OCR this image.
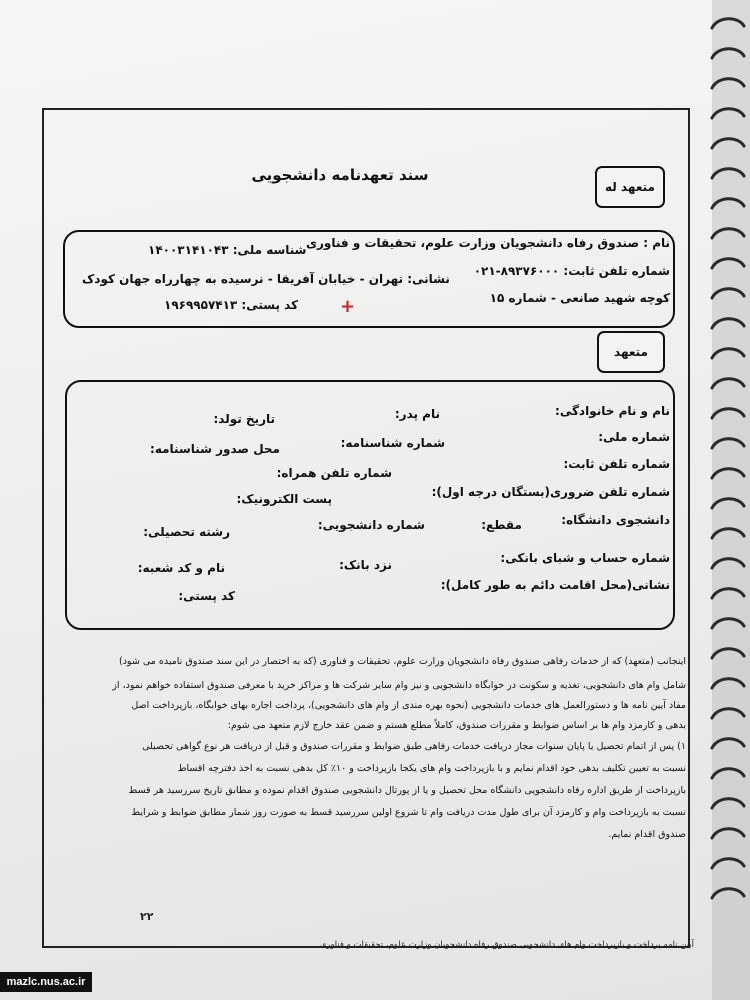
سند تعهدنامه دانشجویی
متعهد له
نام : صندوق رفاه دانشجویان وزارت علوم، تحقیقات و فناوری
شناسه ملی: ۱۴۰۰۳۱۴۱۰۴۳
شماره تلفن ثابت: ۸۹۳۷۶۰۰۰-۰۲۱
نشانی: تهران - خیابان آفریقا - نرسیده به چهارراه جهان کودک
کوچه شهید صانعی - شماره ۱۵
کد پستی: ۱۹۶۹۹۵۷۴۱۳ +
متعهد
نام و نام خانوادگی:
نام پدر:
تاریخ تولد:
شماره ملی:
شماره شناسنامه:
محل صدور شناسنامه:
شماره تلفن ثابت:
شماره تلفن همراه:
شماره تلفن ضروری(بستگان درجه اول):
پست الکترونیک:
دانشجوی دانشگاه:
مقطع:
شماره دانشجویی:
رشته تحصیلی:
شماره حساب و شبای بانکی:
نزد بانک:
نام و کد شعبه:
نشانی(محل اقامت دائم به طور کامل):
کد پستی:
اینجانب (متعهد) که از خدمات رفاهی صندوق رفاه دانشجویان وزارت علوم، تحقیقات و فناوری (که به اختصار در این سند صندوق نامیده می شود)
شامل وام های دانشجویی، تغذیه و سکونت در خوابگاه دانشجویی و نیز وام سایر شرکت ها و مراکز خرید با معرفی صندوق استفاده خواهم نمود، از
مفاد آیین نامه ها و دستورالعمل های خدمات دانشجویی (نحوه بهره مندی از وام های دانشجویی)، پرداخت اجاره بهای خوابگاه، بازپرداخت اصل
بدهی و کارمزد وام ها بر اساس ضوابط و مقررات صندوق، کاملاً مطلع هستم و ضمن عقد خارج لازم متعهد می شوم:
۱) پس از اتمام تحصیل یا پایان سنوات مجاز دریافت خدمات رفاهی طبق ضوابط و مقررات صندوق و قبل از دریافت هر نوع گواهی تحصیلی
نسبت به تعیین تکلیف بدهی خود اقدام نمایم و با بازپرداخت وام های یکجا بازپرداخت و ۱۰٪ کل بدهی نسبت به اخذ دفترچه اقساط
بازپرداخت از طریق اداره رفاه دانشجویی دانشگاه محل تحصیل و یا از پورتال دانشجویی صندوق اقدام نموده و مطابق تاریخ سررسید هر قسط
نسبت به بازپرداخت وام و کارمزد آن برای طول مدت دریافت وام تا شروع اولین سررسید قسط به صورت روز شمار مطابق ضوابط و شرایط
صندوق اقدام نمایم.
۲۲
آیین نامه پرداخت و بازپرداخت وام های دانشجویی صندوق رفاه دانشجویان وزارت علوم، تحقیقات و فناوری
mazlc.nus.ac.ir
